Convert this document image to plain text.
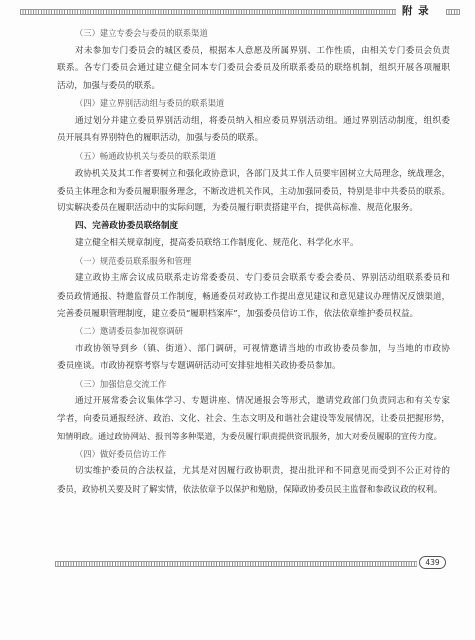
附 录
（三）建立专委会与委员的联系渠道
对未参加专门委员会的城区委员，根据本人意愿及所属界别、工作性质，由相关专门委员会负责
联系。各专门委员会通过建立健全同本专门委员会委员及所联系委员的联络机制，组织开展各项履职
活动，加强与委员的联系。
（四）建立界别活动组与委员的联系渠道
通过划分并建立委员界别活动组，将委员纳入相应委员界别活动组。通过界别活动制度，组织委
员开展具有界别特色的履职活动，加强与委员的联系。
（五）畅通政协机关与委员的联系渠道
政协机关及其工作者要树立和强化政协意识，各部门及其工作人员要牢固树立大局理念，统战理念，
委员主体理念和为委员履职服务理念，不断改进机关作风，主动加强同委员，特别是非中共委员的联系。
切实解决委员在履职活动中的实际问题，为委员履行职责搭建平台，提供高标准、规范化服务。
四、完善政协委员联络制度
建立健全相关规章制度，提高委员联络工作制度化、规范化、科学化水平。
（一）规范委员联系服务和管理
建立政协主席会议成员联系走访常委委员、专门委员会联系专委会委员、界别活动组联系委员和
委员政情通报、特邀监督员工作制度，畅通委员对政协工作提出意见建议和意见建议办理情况反馈渠道，
完善委员履职管理制度，建立委员“履职档案库”，加强委员信访工作，依法依章维护委员权益。
（二）邀请委员参加视察调研
市政协领导到乡（镇、街道）、部门调研，可视情邀请当地的市政协委员参加，与当地的市政协
委员座谈。市政协视察考察与专题调研活动可安排驻地相关政协委员参加。
（三）加强信息交流工作
通过开展常委会议集体学习、专题讲座、情况通报会等形式，邀请党政部门负责同志和有关专家
学者，向委员通报经济、政治、文化、社会、生态文明及和谐社会建设等发展情况，让委员把握形势，
知情明政。通过政协网站、报刊等多种渠道，为委员履行职责提供资讯服务，加大对委员履职的宣传力度。
（四）做好委员信访工作
切实维护委员的合法权益，尤其是对因履行政协职责，提出批评和不同意见而受到不公正对待的
委员，政协机关要及时了解实情，依法依章予以保护和勉励，保障政协委员民主监督和参政议政的权利。
439
